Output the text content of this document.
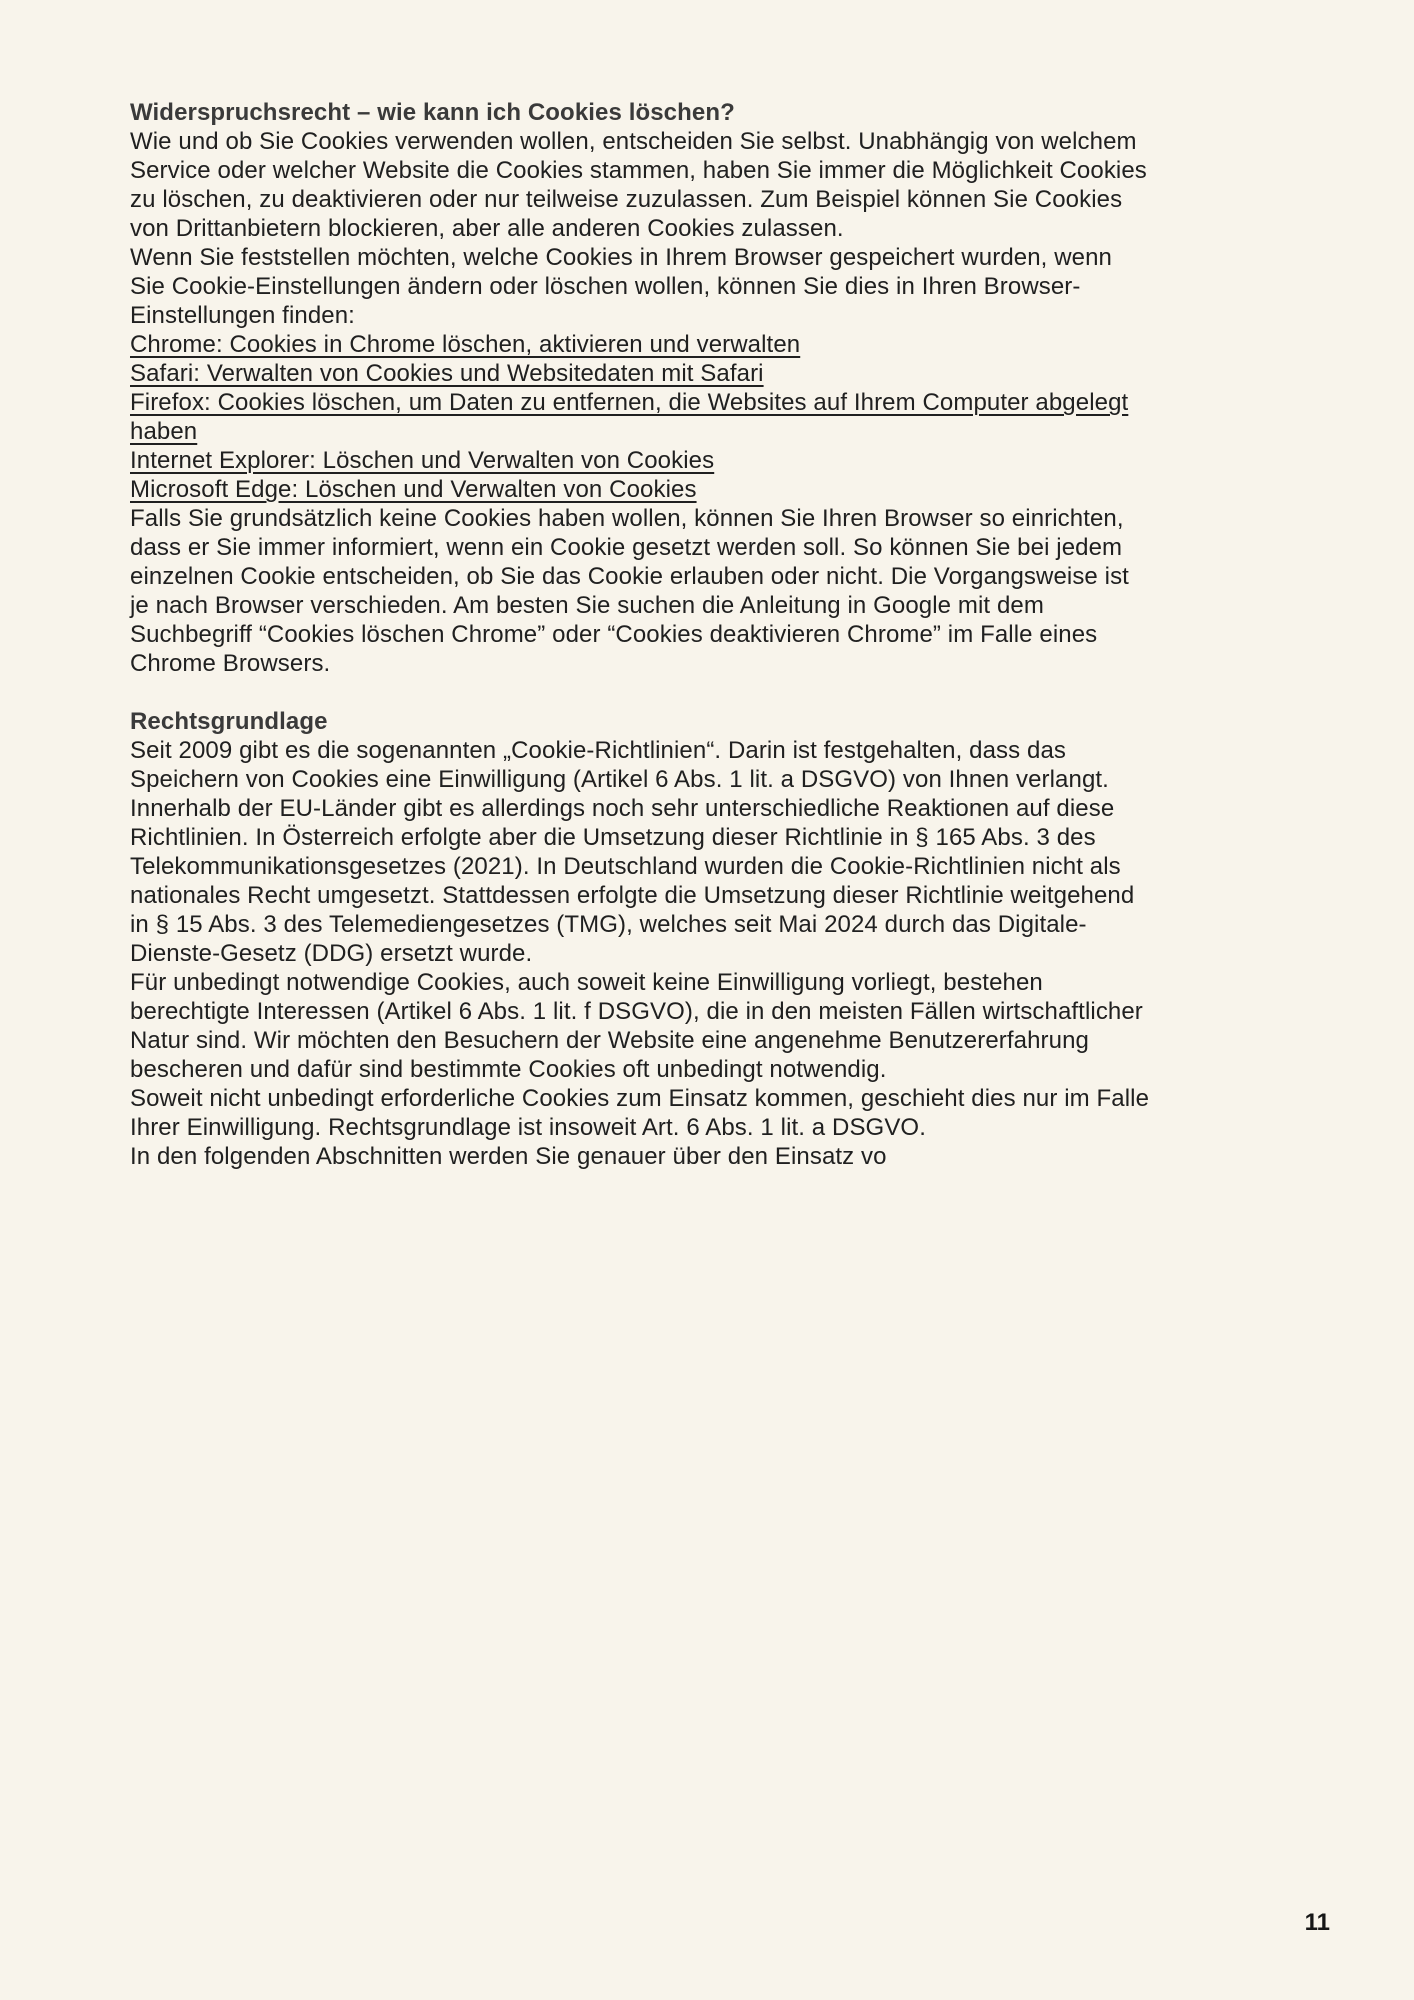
Widerspruchsrecht – wie kann ich Cookies löschen?

Wie und ob Sie Cookies verwenden wollen, entscheiden Sie selbst. Unabhängig von welchem Service oder welcher Website die Cookies stammen, haben Sie immer die Möglichkeit Cookies zu löschen, zu deaktivieren oder nur teilweise zuzulassen. Zum Beispiel können Sie Cookies von Drittanbietern blockieren, aber alle anderen Cookies zulassen.

Wenn Sie feststellen möchten, welche Cookies in Ihrem Browser gespeichert wurden, wenn Sie Cookie-Einstellungen ändern oder löschen wollen, können Sie dies in Ihren Browser-Einstellungen finden:

Chrome: Cookies in Chrome löschen, aktivieren und verwalten
Safari: Verwalten von Cookies und Websitedaten mit Safari
Firefox: Cookies löschen, um Daten zu entfernen, die Websites auf Ihrem Computer abgelegt haben
Internet Explorer: Löschen und Verwalten von Cookies
Microsoft Edge: Löschen und Verwalten von Cookies

Falls Sie grundsätzlich keine Cookies haben wollen, können Sie Ihren Browser so einrichten, dass er Sie immer informiert, wenn ein Cookie gesetzt werden soll. So können Sie bei jedem einzelnen Cookie entscheiden, ob Sie das Cookie erlauben oder nicht. Die Vorgangsweise ist je nach Browser verschieden. Am besten Sie suchen die Anleitung in Google mit dem Suchbegriff “Cookies löschen Chrome” oder “Cookies deaktivieren Chrome” im Falle eines Chrome Browsers.

Rechtsgrundlage

Seit 2009 gibt es die sogenannten „Cookie-Richtlinien“. Darin ist festgehalten, dass das Speichern von Cookies eine Einwilligung (Artikel 6 Abs. 1 lit. a DSGVO) von Ihnen verlangt. Innerhalb der EU-Länder gibt es allerdings noch sehr unterschiedliche Reaktionen auf diese Richtlinien. In Österreich erfolgte aber die Umsetzung dieser Richtlinie in § 165 Abs. 3 des Telekommunikationsgesetzes (2021). In Deutschland wurden die Cookie-Richtlinien nicht als nationales Recht umgesetzt. Stattdessen erfolgte die Umsetzung dieser Richtlinie weitgehend in § 15 Abs. 3 des Telemediengesetzes (TMG), welches seit Mai 2024 durch das Digitale-Dienste-Gesetz (DDG) ersetzt wurde.

Für unbedingt notwendige Cookies, auch soweit keine Einwilligung vorliegt, bestehen berechtigte Interessen (Artikel 6 Abs. 1 lit. f DSGVO), die in den meisten Fällen wirtschaftlicher Natur sind. Wir möchten den Besuchern der Website eine angenehme Benutzererfahrung bescheren und dafür sind bestimmte Cookies oft unbedingt notwendig.

Soweit nicht unbedingt erforderliche Cookies zum Einsatz kommen, geschieht dies nur im Falle Ihrer Einwilligung. Rechtsgrundlage ist insoweit Art. 6 Abs. 1 lit. a DSGVO.

In den folgenden Abschnitten werden Sie genauer über den Einsatz vo

11
